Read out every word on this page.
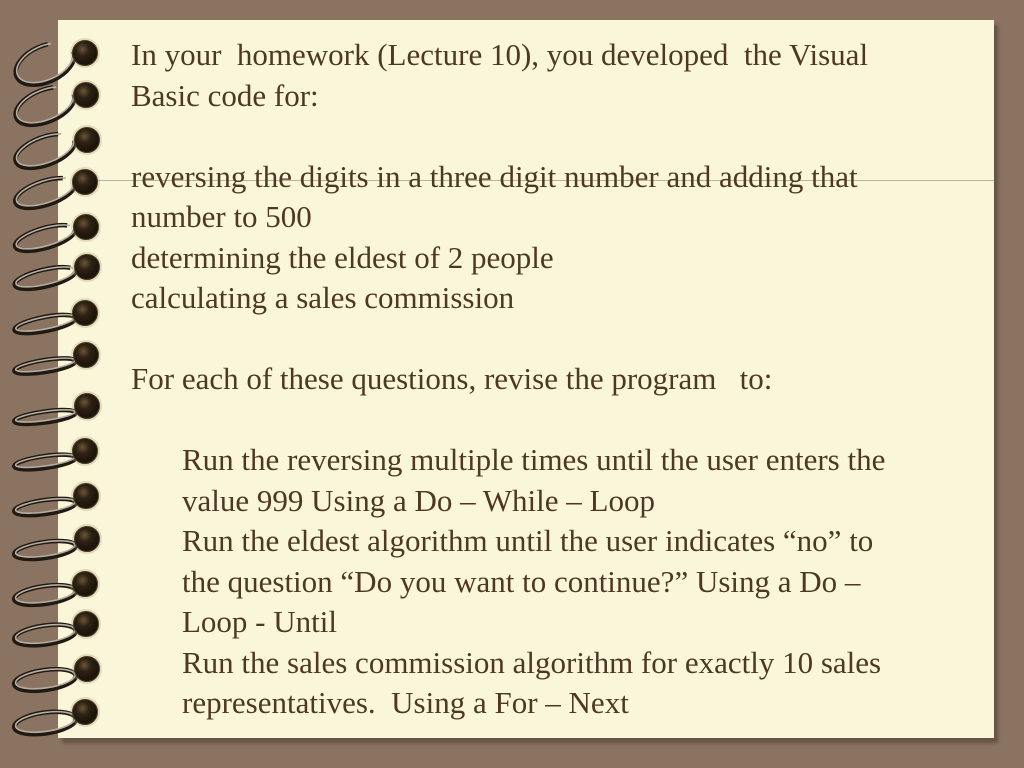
In your  homework (Lecture 10), you developed  the Visual
Basic code for:
reversing the digits in a three digit number and adding that
number to 500
determining the eldest of 2 people
calculating a sales commission
For each of these questions, revise the program   to:
Run the reversing multiple times until the user enters the
value 999 Using a Do – While – Loop
Run the eldest algorithm until the user indicates “no” to
the question “Do you want to continue?” Using a Do –
Loop - Until
Run the sales commission algorithm for exactly 10 sales
representatives.  Using a For – Next
